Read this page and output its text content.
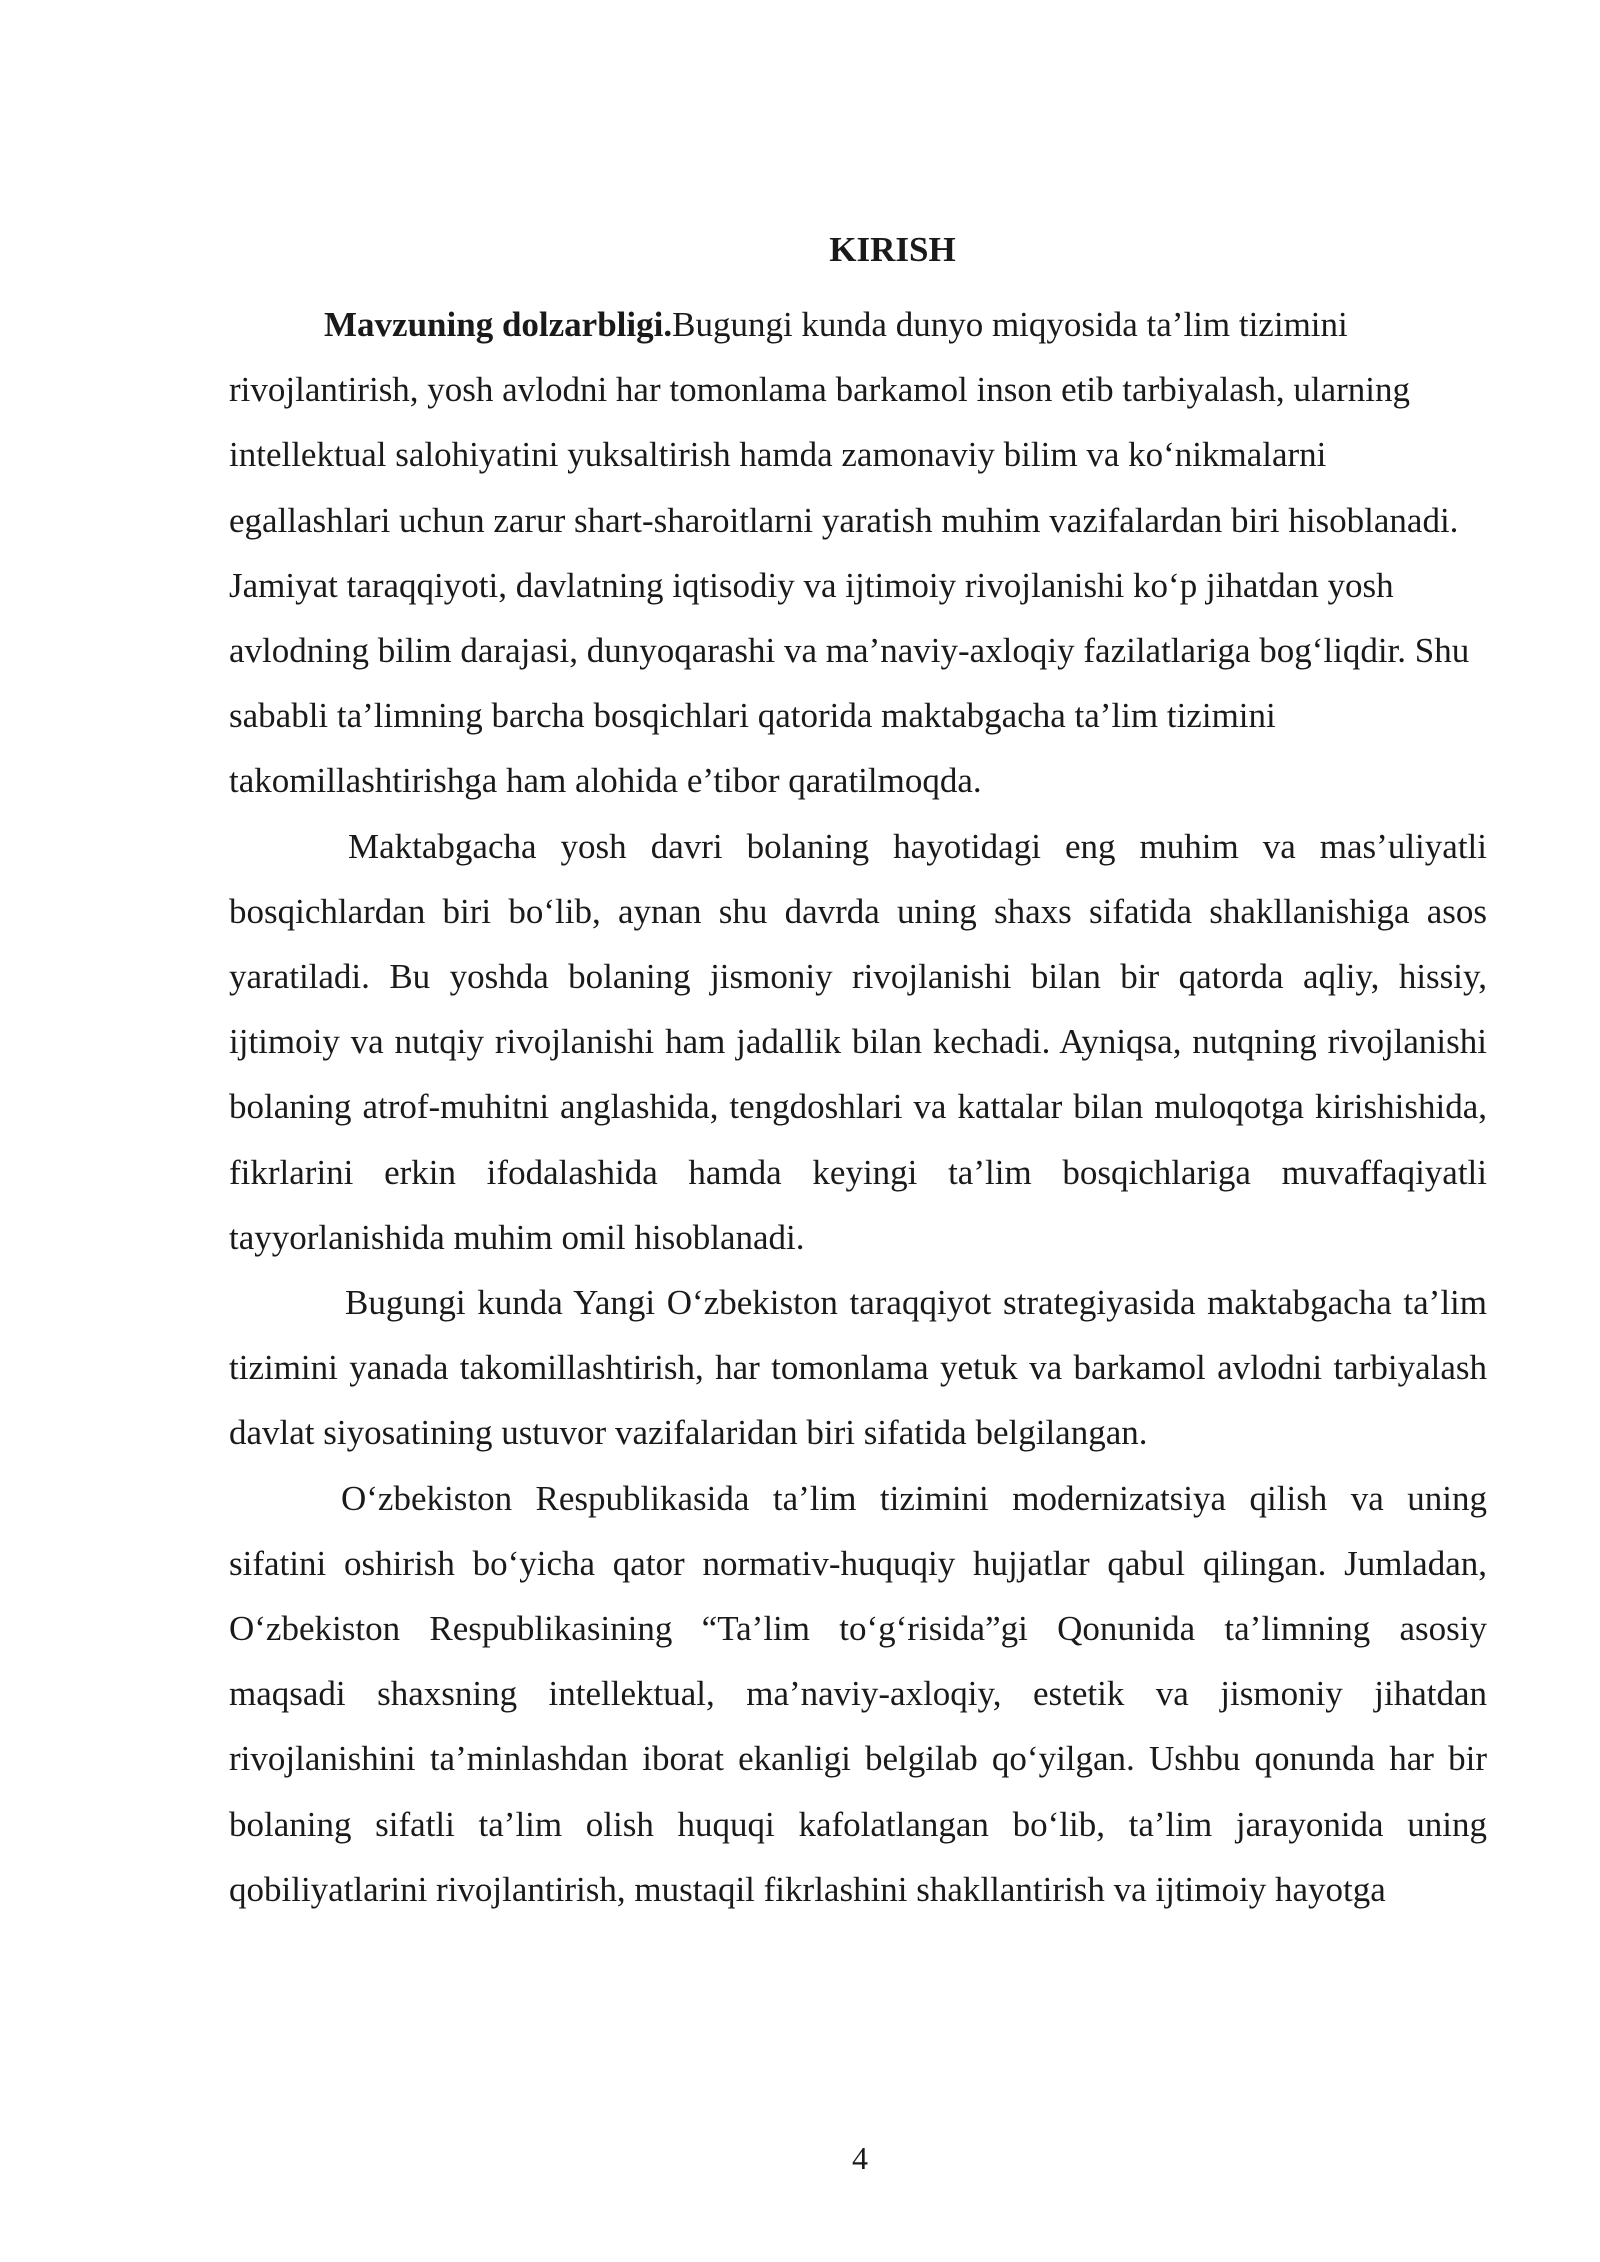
KIRISH

Mavzuning dolzarbligi.Bugungi kunda dunyo miqyosida ta’lim tizimini rivojlantirish, yosh avlodni har tomonlama barkamol inson etib tarbiyalash, ularning intellektual salohiyatini yuksaltirish hamda zamonaviy bilim va ko‘nikmalarni egallashlari uchun zarur shart-sharoitlarni yaratish muhim vazifalardan biri hisoblanadi. Jamiyat taraqqiyoti, davlatning iqtisodiy va ijtimoiy rivojlanishi ko‘p jihatdan yosh avlodning bilim darajasi, dunyoqarashi va ma’naviy-axloqiy fazilatlariga bog‘liqdir. Shu sababli ta’limning barcha bosqichlari qatorida maktabgacha ta’lim tizimini takomillashtirishga ham alohida e’tibor qaratilmoqda.

Maktabgacha yosh davri bolaning hayotidagi eng muhim va mas’uliyatli bosqichlardan biri bo‘lib, aynan shu davrda uning shaxs sifatida shakllanishiga asos yaratiladi. Bu yoshda bolaning jismoniy rivojlanishi bilan bir qatorda aqliy, hissiy, ijtimoiy va nutqiy rivojlanishi ham jadallik bilan kechadi. Ayniqsa, nutqning rivojlanishi bolaning atrof-muhitni anglashida, tengdoshlari va kattalar bilan muloqotga kirishishida, fikrlarini erkin ifodalashida hamda keyingi ta’lim bosqichlariga muvaffaqiyatli tayyorlanishida muhim omil hisoblanadi.

Bugungi kunda Yangi O‘zbekiston taraqqiyot strategiyasida maktabgacha ta’lim tizimini yanada takomillashtirish, har tomonlama yetuk va barkamol avlodni tarbiyalash davlat siyosatining ustuvor vazifalaridan biri sifatida belgilangan.

O‘zbekiston Respublikasida ta’lim tizimini modernizatsiya qilish va uning sifatini oshirish bo‘yicha qator normativ-huquqiy hujjatlar qabul qilingan. Jumladan, O‘zbekiston Respublikasining “Ta’lim to‘g‘risida”gi Qonunida ta’limning asosiy maqsadi shaxsning intellektual, ma’naviy-axloqiy, estetik va jismoniy jihatdan rivojlanishini ta’minlashdan iborat ekanligi belgilab qo‘yilgan. Ushbu qonunda har bir bolaning sifatli ta’lim olish huquqi kafolatlangan bo‘lib, ta’lim jarayonida uning qobiliyatlarini rivojlantirish, mustaqil fikrlashini shakllantirish va ijtimoiy hayotga

4
